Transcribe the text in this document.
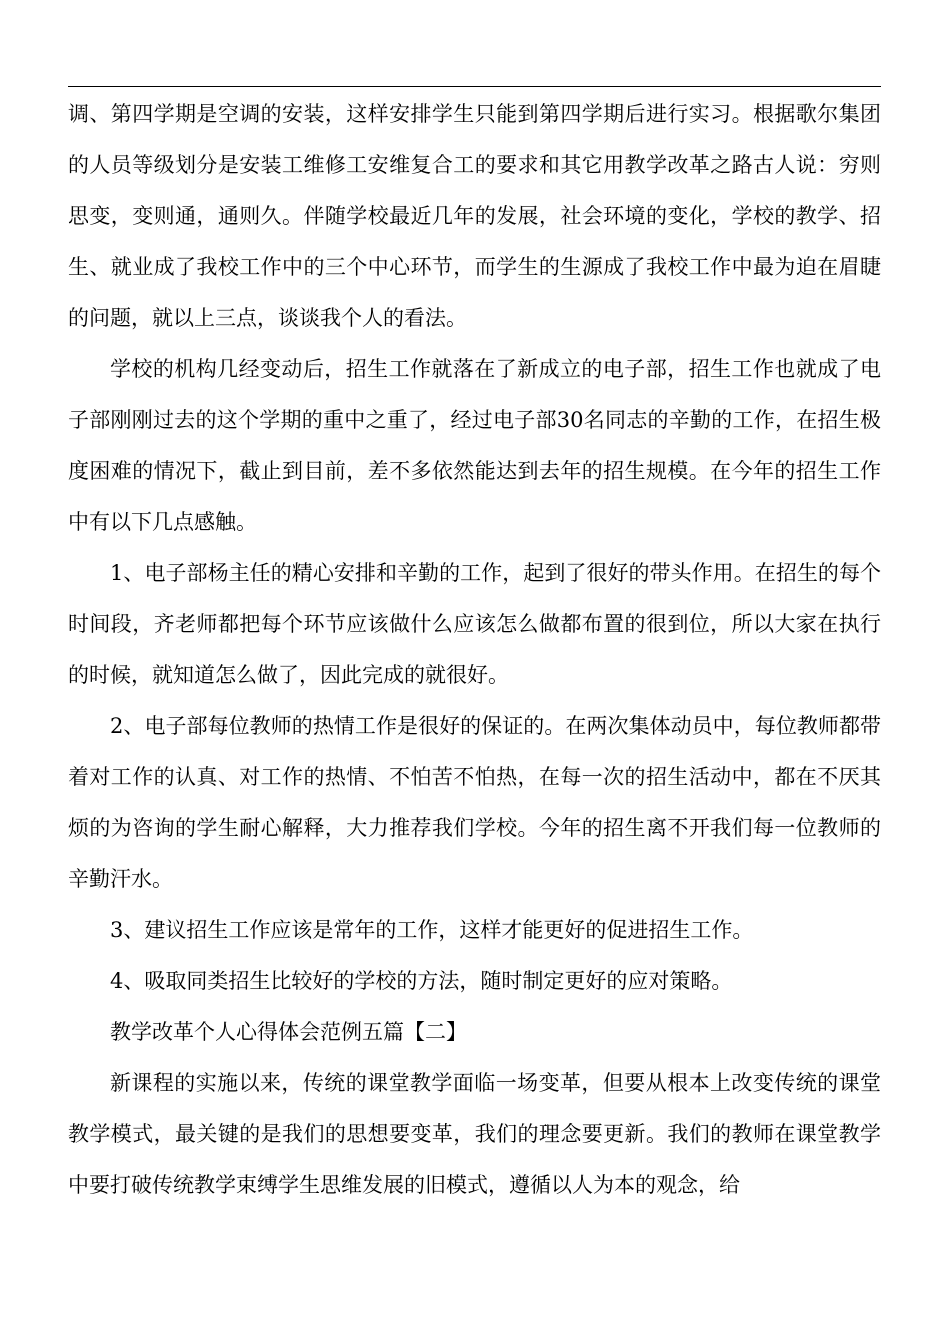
调、第四学期是空调的安装，这样安排学生只能到第四学期后进行实习。根据歌尔集团的人员等级划分是安装工维修工安维复合工的要求和其它用教学改革之路古人说：穷则思变，变则通，通则久。伴随学校最近几年的发展，社会环境的变化，学校的教学、招生、就业成了我校工作中的三个中心环节，而学生的生源成了我校工作中最为迫在眉睫的问题，就以上三点，谈谈我个人的看法。

学校的机构几经变动后，招生工作就落在了新成立的电子部，招生工作也就成了电子部刚刚过去的这个学期的重中之重了，经过电子部30名同志的辛勤的工作，在招生极度困难的情况下，截止到目前，差不多依然能达到去年的招生规模。在今年的招生工作中有以下几点感触。

1、电子部杨主任的精心安排和辛勤的工作，起到了很好的带头作用。在招生的每个时间段，齐老师都把每个环节应该做什么应该怎么做都布置的很到位，所以大家在执行的时候，就知道怎么做了，因此完成的就很好。

2、电子部每位教师的热情工作是很好的保证的。在两次集体动员中，每位教师都带着对工作的认真、对工作的热情、不怕苦不怕热，在每一次的招生活动中，都在不厌其烦的为咨询的学生耐心解释，大力推荐我们学校。今年的招生离不开我们每一位教师的辛勤汗水。

3、建议招生工作应该是常年的工作，这样才能更好的促进招生工作。

4、吸取同类招生比较好的学校的方法，随时制定更好的应对策略。

教学改革个人心得体会范例五篇【二】

新课程的实施以来，传统的课堂教学面临一场变革，但要从根本上改变传统的课堂教学模式，最关键的是我们的思想要变革，我们的理念要更新。我们的教师在课堂教学中要打破传统教学束缚学生思维发展的旧模式，遵循以人为本的观念，给
